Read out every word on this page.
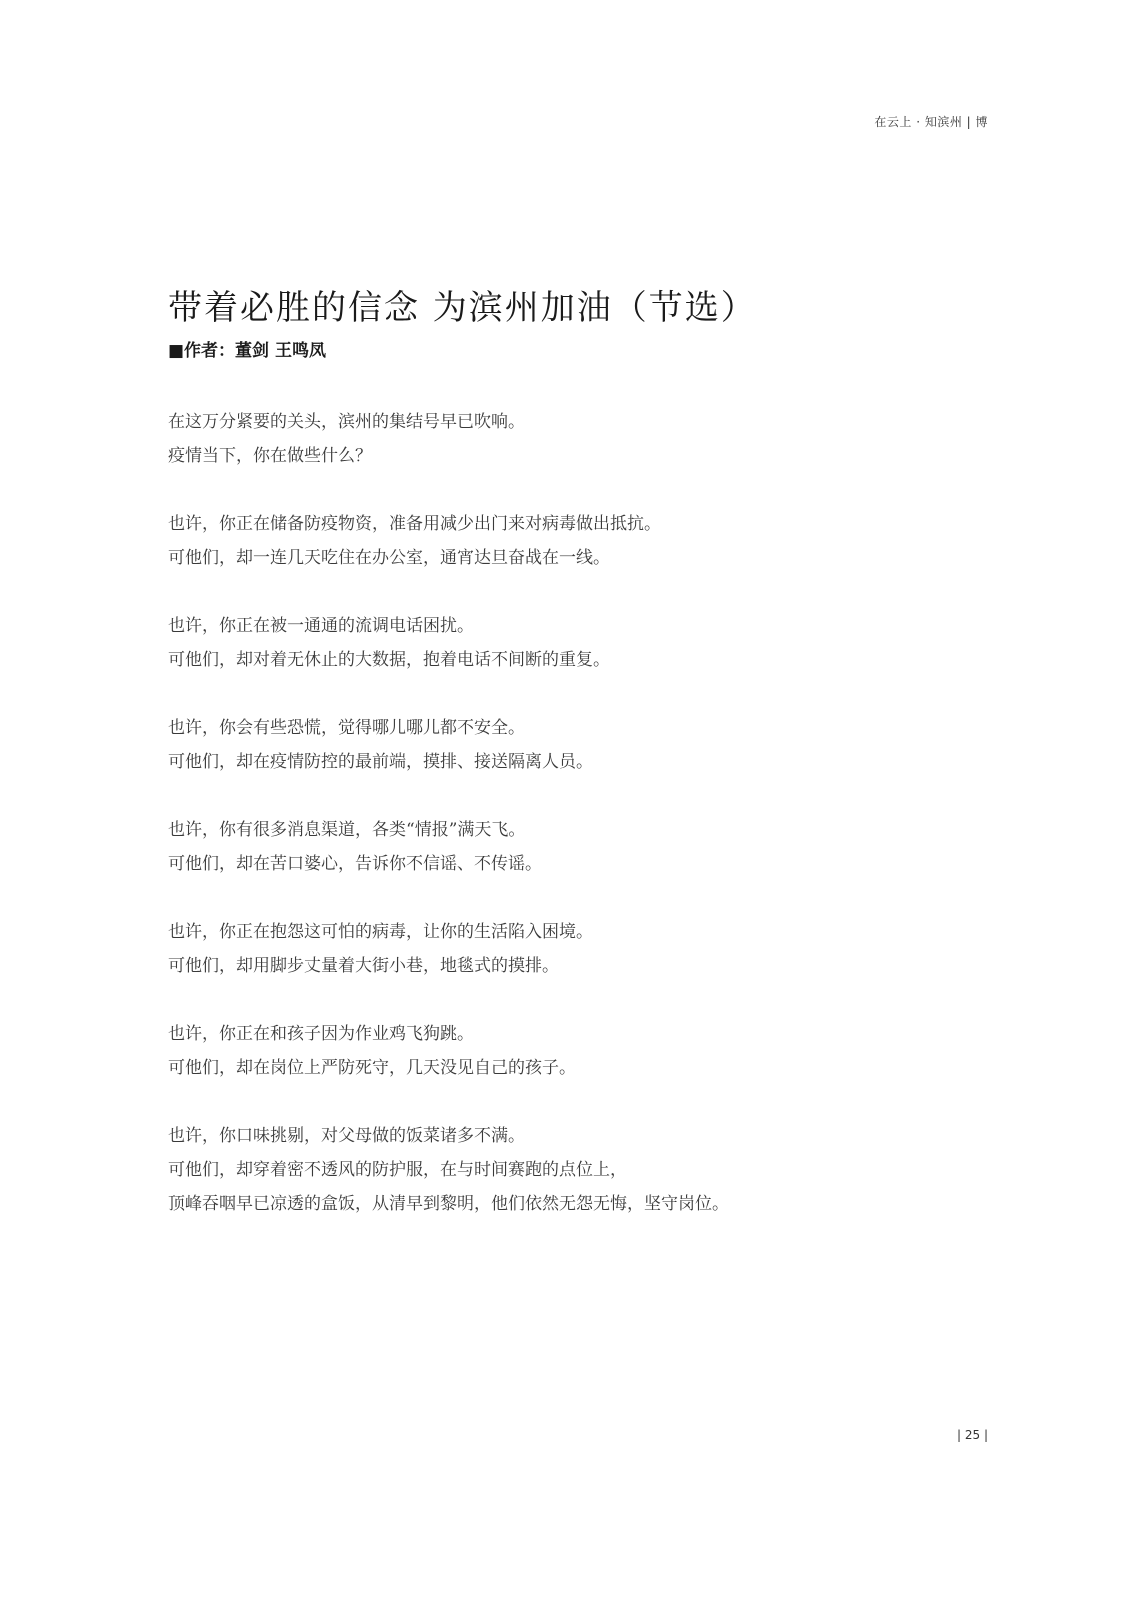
在云上 · 知滨州 | 博
带着必胜的信念 为滨州加油（节选）
■作者：董剑 王鸣凤
在这万分紧要的关头，滨州的集结号早已吹响。
疫情当下，你在做些什么？
也许，你正在储备防疫物资，准备用减少出门来对病毒做出抵抗。
可他们，却一连几天吃住在办公室，通宵达旦奋战在一线。
也许，你正在被一通通的流调电话困扰。
可他们，却对着无休止的大数据，抱着电话不间断的重复。
也许，你会有些恐慌，觉得哪儿哪儿都不安全。
可他们，却在疫情防控的最前端，摸排、接送隔离人员。
也许，你有很多消息渠道，各类“情报”满天飞。
可他们，却在苦口婆心，告诉你不信谣、不传谣。
也许，你正在抱怨这可怕的病毒，让你的生活陷入困境。
可他们，却用脚步丈量着大街小巷，地毯式的摸排。
也许，你正在和孩子因为作业鸡飞狗跳。
可他们，却在岗位上严防死守，几天没见自己的孩子。
也许，你口味挑剔，对父母做的饭菜诸多不满。
可他们，却穿着密不透风的防护服，在与时间赛跑的点位上，
顶峰吞咽早已凉透的盒饭，从清早到黎明，他们依然无怨无悔，坚守岗位。
| 25 |
